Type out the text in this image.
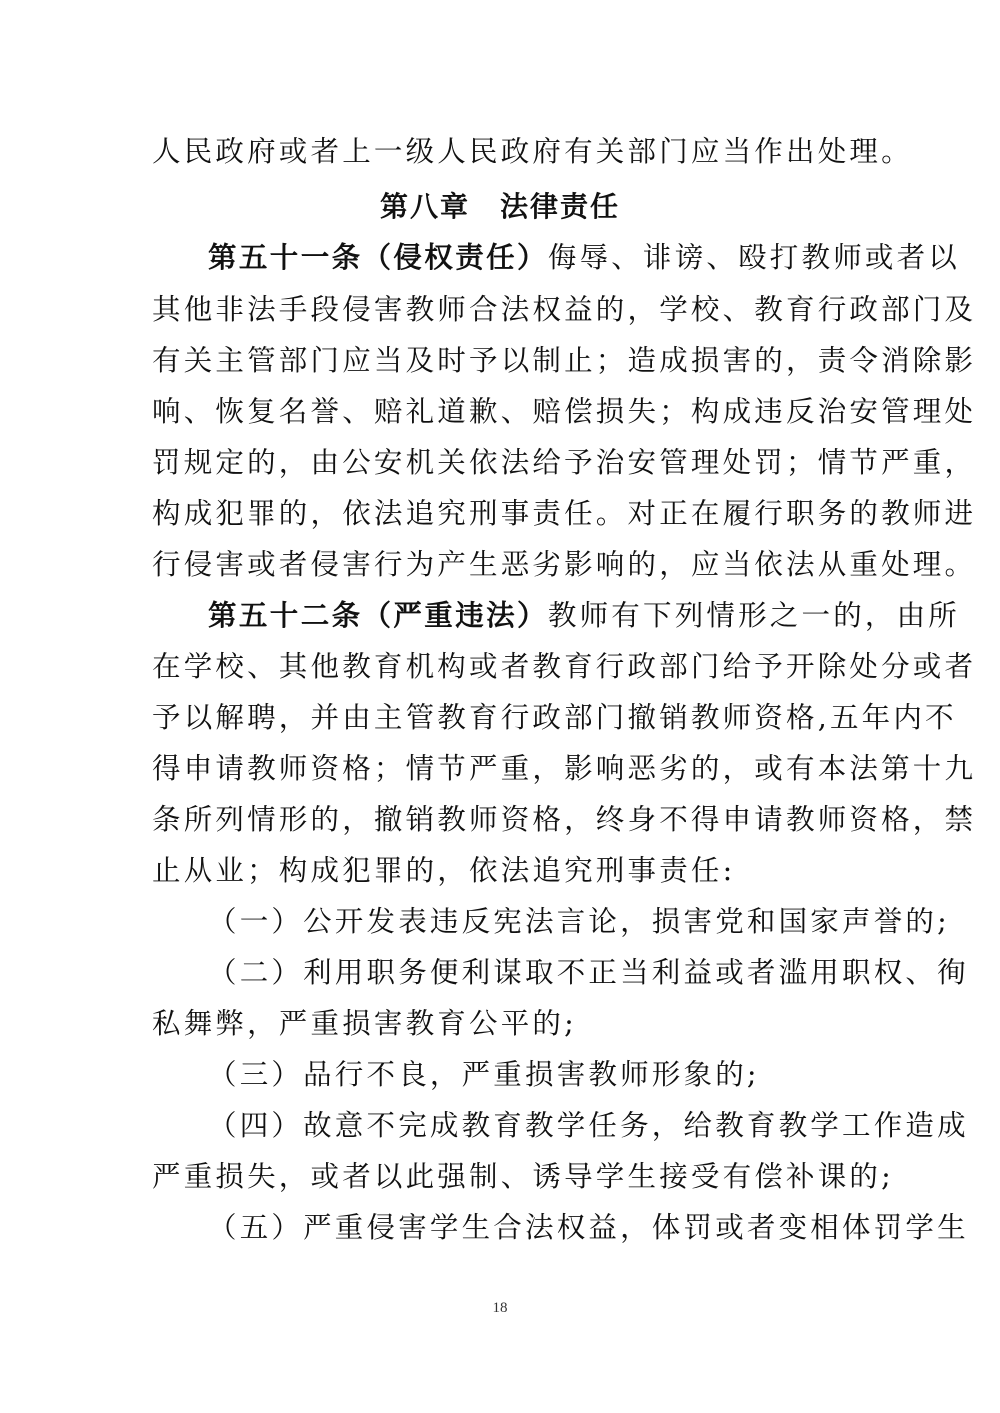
人民政府或者上一级人民政府有关部门应当作出处理。
第八章　法律责任
第五十一条（侵权责任）侮辱、诽谤、殴打教师或者以
其他非法手段侵害教师合法权益的，学校、教育行政部门及
有关主管部门应当及时予以制止；造成损害的，责令消除影
响、恢复名誉、赔礼道歉、赔偿损失；构成违反治安管理处
罚规定的，由公安机关依法给予治安管理处罚；情节严重，
构成犯罪的，依法追究刑事责任。对正在履行职务的教师进
行侵害或者侵害行为产生恶劣影响的，应当依法从重处理。
第五十二条（严重违法）教师有下列情形之一的，由所
在学校、其他教育机构或者教育行政部门给予开除处分或者
予以解聘，并由主管教育行政部门撤销教师资格,五年内不
得申请教师资格；情节严重，影响恶劣的，或有本法第十九
条所列情形的，撤销教师资格，终身不得申请教师资格，禁
止从业；构成犯罪的，依法追究刑事责任:
（一）公开发表违反宪法言论，损害党和国家声誉的;
（二）利用职务便利谋取不正当利益或者滥用职权、徇
私舞弊，严重损害教育公平的;
（三）品行不良，严重损害教师形象的;
（四）故意不完成教育教学任务，给教育教学工作造成
严重损失，或者以此强制、诱导学生接受有偿补课的;
（五）严重侵害学生合法权益，体罚或者变相体罚学生
18
